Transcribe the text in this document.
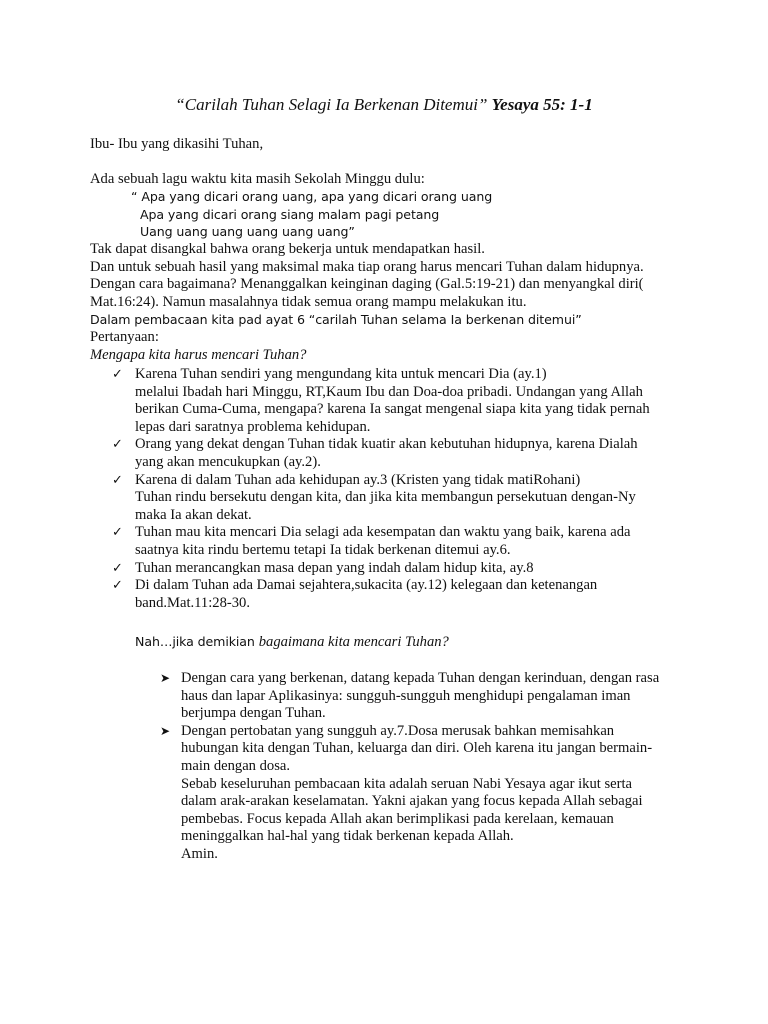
“Carilah Tuhan Selagi Ia Berkenan Ditemui” Yesaya 55: 1-1
Ibu- Ibu yang dikasihi Tuhan,
Ada sebuah lagu waktu kita masih Sekolah Minggu dulu:
“ Apa yang dicari orang uang, apa yang dicari orang uang
Apa yang dicari orang siang malam pagi petang
Uang uang uang uang uang uang”
Tak dapat disangkal bahwa orang bekerja untuk mendapatkan hasil.
Dan untuk sebuah hasil yang maksimal maka tiap orang harus mencari Tuhan dalam hidupnya.
Dengan cara bagaimana? Menanggalkan keinginan daging (Gal.5:19-21) dan menyangkal diri(
Mat.16:24). Namun masalahnya tidak semua orang mampu melakukan itu.
Dalam pembacaan kita pad ayat 6 “carilah Tuhan selama Ia berkenan ditemui”
Pertanyaan:
Mengapa kita harus mencari Tuhan?
✓ Karena Tuhan sendiri yang mengundang kita untuk mencari Dia (ay.1)
melalui Ibadah hari Minggu, RT,Kaum Ibu dan Doa-doa pribadi. Undangan yang Allah
berikan Cuma-Cuma, mengapa? karena Ia sangat mengenal siapa kita yang tidak pernah
lepas dari saratnya problema kehidupan.
✓ Orang yang dekat dengan Tuhan tidak kuatir akan kebutuhan hidupnya, karena Dialah
yang akan mencukupkan (ay.2).
✓ Karena di dalam Tuhan ada kehidupan ay.3 (Kristen yang tidak matiRohani)
Tuhan rindu bersekutu dengan kita, dan jika kita membangun persekutuan dengan-Ny
maka Ia akan dekat.
✓ Tuhan mau kita mencari Dia selagi ada kesempatan dan waktu yang baik, karena ada
saatnya kita rindu bertemu tetapi Ia tidak berkenan ditemui ay.6.
✓ Tuhan merancangkan masa depan yang indah dalam hidup kita, ay.8
✓ Di dalam Tuhan ada Damai sejahtera,sukacita (ay.12) kelegaan dan ketenangan
band.Mat.11:28-30.
Nah…jika demikian bagaimana kita mencari Tuhan?
➤ Dengan cara yang berkenan, datang kepada Tuhan dengan kerinduan, dengan rasa
haus dan lapar Aplikasinya: sungguh-sungguh menghidupi pengalaman iman
berjumpa dengan Tuhan.
➤ Dengan pertobatan yang sungguh ay.7.Dosa merusak bahkan memisahkan
hubungan kita dengan Tuhan, keluarga dan diri. Oleh karena itu jangan bermain-
main dengan dosa.
Sebab keseluruhan pembacaan kita adalah seruan Nabi Yesaya agar ikut serta
dalam arak-arakan keselamatan. Yakni ajakan yang focus kepada Allah sebagai
pembebas. Focus kepada Allah akan berimplikasi pada kerelaan, kemauan
meninggalkan hal-hal yang tidak berkenan kepada Allah.
Amin.
